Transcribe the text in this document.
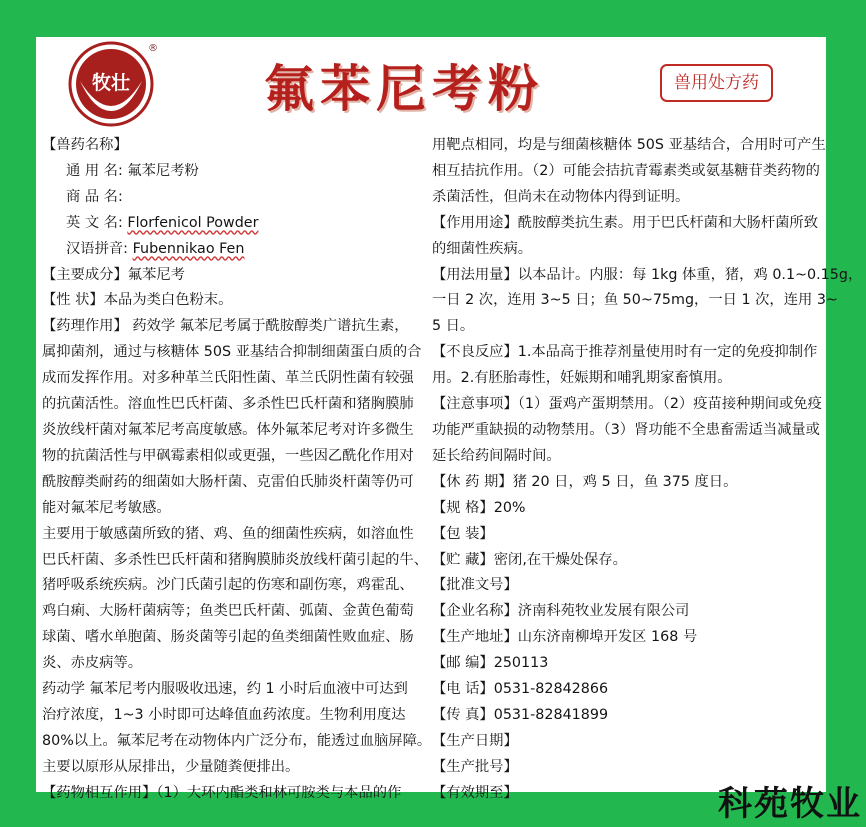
牧壮
®
氟苯尼考粉	兽用处方药

【兽药名称】

通 用 名: 氟苯尼考粉

商 品 名:

英 文 名: Florfenicol Powder

汉语拼音: Fubennikao Fen

【主要成分】氟苯尼考

【性 状】本品为类白色粉末。

【药理作用】 药效学 氟苯尼考属于酰胺醇类广谱抗生素，

属抑菌剂，通过与核糖体 50S 亚基结合抑制细菌蛋白质的合

成而发挥作用。对多种革兰氏阳性菌、革兰氏阴性菌有较强

的抗菌活性。溶血性巴氏杆菌、多杀性巴氏杆菌和猪胸膜肺

炎放线杆菌对氟苯尼考高度敏感。体外氟苯尼考对许多微生

物的抗菌活性与甲砜霉素相似或更强，一些因乙酰化作用对

酰胺醇类耐药的细菌如大肠杆菌、克雷伯氏肺炎杆菌等仍可

能对氟苯尼考敏感。

主要用于敏感菌所致的猪、鸡、鱼的细菌性疾病，如溶血性

巴氏杆菌、多杀性巴氏杆菌和猪胸膜肺炎放线杆菌引起的牛、

猪呼吸系统疾病。沙门氏菌引起的伤寒和副伤寒，鸡霍乱、

鸡白痢、大肠杆菌病等；鱼类巴氏杆菌、弧菌、金黄色葡萄

球菌、嗜水单胞菌、肠炎菌等引起的鱼类细菌性败血症、肠

炎、赤皮病等。

药动学 氟苯尼考内服吸收迅速，约 1 小时后血液中可达到

治疗浓度，1~3 小时即可达峰值血药浓度。生物利用度达

80%以上。氟苯尼考在动物体内广泛分布，能透过血脑屏障。

主要以原形从尿排出，少量随粪便排出。

【药物相互作用】（1）大环内酯类和林可胺类与本品的作

用靶点相同，均是与细菌核糖体 50S 亚基结合，合用时可产生

相互拮抗作用。（2）可能会拮抗青霉素类或氨基糖苷类药物的

杀菌活性，但尚未在动物体内得到证明。

【作用用途】酰胺醇类抗生素。用于巴氏杆菌和大肠杆菌所致

的细菌性疾病。

【用法用量】以本品计。内服：每 1kg 体重，猪，鸡 0.1~0.15g，

一日 2 次，连用 3~5 日；鱼 50~75mg，一日 1 次，连用 3~

5 日。

【不良反应】1.本品高于推荐剂量使用时有一定的免疫抑制作

用。2.有胚胎毒性，妊娠期和哺乳期家畜慎用。

【注意事项】（1）蛋鸡产蛋期禁用。（2）疫苗接种期间或免疫

功能严重缺损的动物禁用。（3）肾功能不全患畜需适当减量或

延长给药间隔时间。

【休 药 期】猪 20 日，鸡 5 日，鱼 375 度日。

【规 格】20%

【包 装】

【贮 藏】密闭,在干燥处保存。

【批准文号】

【企业名称】济南科苑牧业发展有限公司

【生产地址】山东济南柳埠开发区 168 号

【邮 编】250113

【电 话】0531-82842866

【传 真】0531-82841899

【生产日期】

【生产批号】

【有效期至】	科苑牧业
